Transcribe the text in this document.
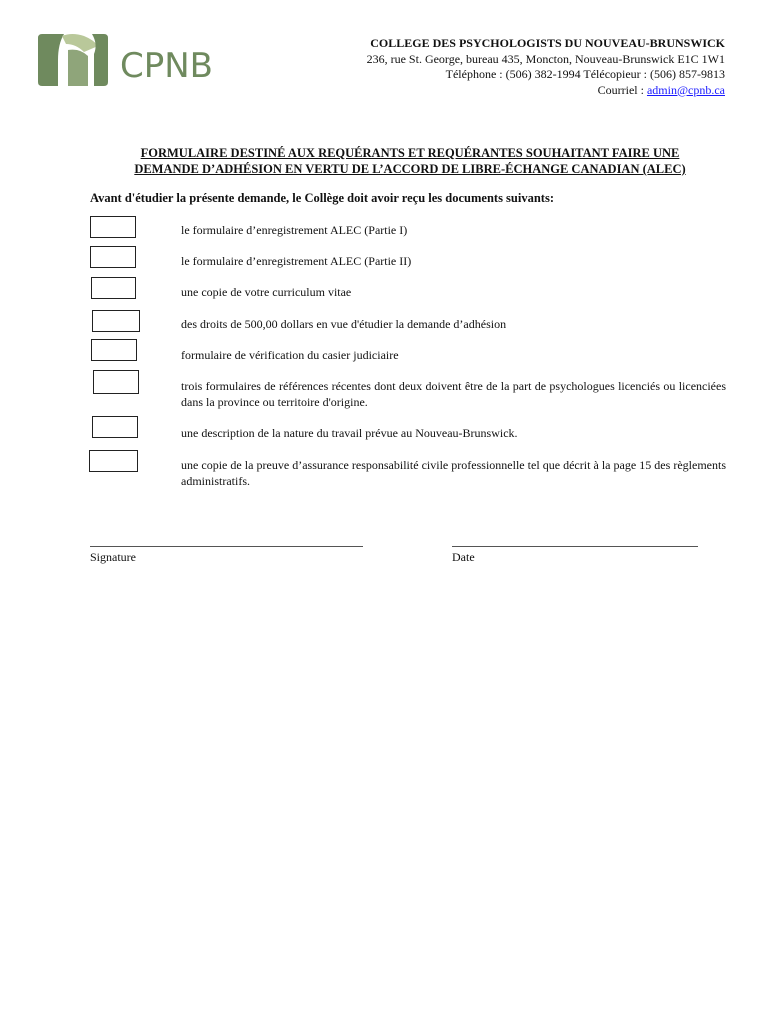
CPNB
COLLEGE DES PSYCHOLOGISTS DU NOUVEAU-BRUNSWICK
236, rue St. George, bureau 435, Moncton, Nouveau-Brunswick E1C 1W1
Téléphone : (506) 382-1994 Télécopieur : (506) 857-9813
Courriel : admin@cpnb.ca
FORMULAIRE DESTINÉ AUX REQUÉRANTS ET REQUÉRANTES SOUHAITANT FAIRE UNE
DEMANDE D’ADHÉSION EN VERTU DE L’ACCORD DE LIBRE-ÉCHANGE CANADIAN (ALEC)
Avant d'étudier la présente demande, le Collège doit avoir reçu les documents suivants:
le formulaire d’enregistrement ALEC (Partie I)
le formulaire d’enregistrement ALEC (Partie II)
une copie de votre curriculum vitae
des droits de 500,00 dollars en vue d'étudier la demande d’adhésion
formulaire de vérification du casier judiciaire
trois formulaires de références récentes dont deux doivent être de la part de psychologues licenciés ou licenciées dans la province ou territoire d'origine.
une description de la nature du travail prévue au Nouveau-Brunswick.
une copie de la preuve d’assurance responsabilité civile professionnelle tel que décrit à la page 15 des règlements administratifs.
Signature	Date
